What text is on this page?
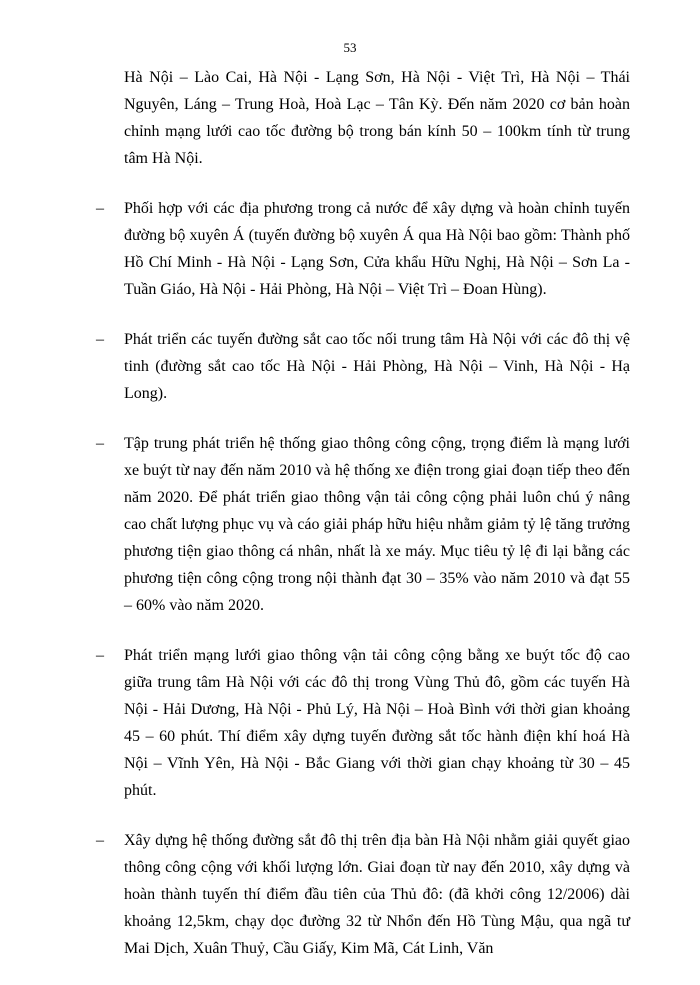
53

Hà Nội – Lào Cai, Hà Nội - Lạng Sơn, Hà Nội - Việt Trì, Hà Nội – Thái Nguyên, Láng – Trung Hoà, Hoà Lạc – Tân Kỳ. Đến năm 2020 cơ bản hoàn chỉnh mạng lưới cao tốc đường bộ trong bán kính 50 – 100km tính từ trung tâm Hà Nội.

– Phối hợp với các địa phương trong cả nước để xây dựng và hoàn chỉnh tuyến đường bộ xuyên Á (tuyến đường bộ xuyên Á qua Hà Nội bao gồm: Thành phố Hồ Chí Minh - Hà Nội - Lạng Sơn, Cửa khẩu Hữu Nghị, Hà Nội – Sơn La - Tuần Giáo, Hà Nội - Hải Phòng, Hà Nội – Việt Trì – Đoan Hùng).
– Phát triển các tuyến đường sắt cao tốc nối trung tâm Hà Nội với các đô thị vệ tinh (đường sắt cao tốc Hà Nội - Hải Phòng, Hà Nội – Vinh, Hà Nội - Hạ Long).
– Tập trung phát triển hệ thống giao thông công cộng, trọng điểm là mạng lưới xe buýt từ nay đến năm 2010 và hệ thống xe điện trong giai đoạn tiếp theo đến năm 2020. Để phát triển giao thông vận tải công cộng phải luôn chú ý nâng cao chất lượng phục vụ và cáo giải pháp hữu hiệu nhằm giảm tỷ lệ tăng trưởng phương tiện giao thông cá nhân, nhất là xe máy. Mục tiêu tỷ lệ đi lại bằng các phương tiện công cộng trong nội thành đạt 30 – 35% vào năm 2010 và đạt 55 – 60% vào năm 2020.
– Phát triển mạng lưới giao thông vận tải công cộng bằng xe buýt tốc độ cao giữa trung tâm Hà Nội với các đô thị trong Vùng Thủ đô, gồm các tuyến Hà Nội - Hải Dương, Hà Nội - Phủ Lý, Hà Nội – Hoà Bình với thời gian khoảng 45 – 60 phút. Thí điểm xây dựng tuyến đường sắt tốc hành điện khí hoá Hà Nội – Vĩnh Yên, Hà Nội - Bắc Giang với thời gian chạy khoảng từ 30 – 45 phút.
– Xây dựng hệ thống đường sắt đô thị trên địa bàn Hà Nội nhằm giải quyết giao thông công cộng với khối lượng lớn. Giai đoạn từ nay đến 2010, xây dựng và hoàn thành tuyến thí điểm đầu tiên của Thủ đô: (đã khởi công 12/2006) dài khoảng 12,5km, chạy dọc đường 32 từ Nhổn đến Hồ Tùng Mậu, qua ngã tư Mai Dịch, Xuân Thuỷ, Cầu Giấy, Kim Mã, Cát Linh, Văn
